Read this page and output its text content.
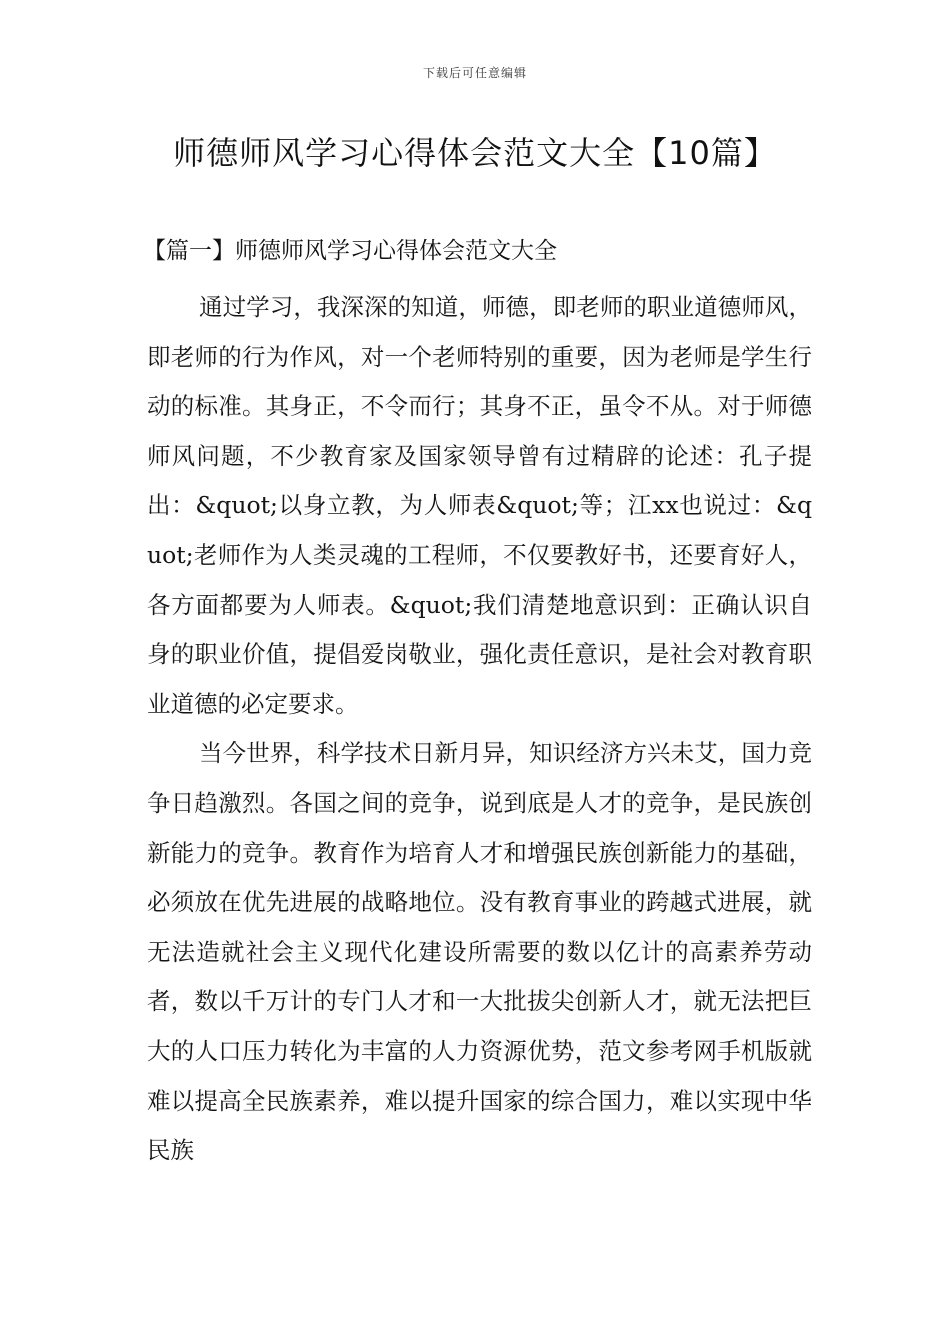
下载后可任意编辑
师德师风学习心得体会范文大全【10篇】
【篇一】师德师风学习心得体会范文大全

通过学习，我深深的知道，师德，即老师的职业道德师风，即老师的行为作风，对一个老师特别的重要，因为老师是学生行动的标准。其身正，不令而行；其身不正，虽令不从。对于师德师风问题，不少教育家及国家领导曾有过精辟的论述：孔子提出：&quot;以身立教，为人师表&quot;等；江xx也说过：&quot;老师作为人类灵魂的工程师，不仅要教好书，还要育好人，各方面都要为人师表。&quot;我们清楚地意识到：正确认识自身的职业价值，提倡爱岗敬业，强化责任意识，是社会对教育职业道德的必定要求。

当今世界，科学技术日新月异，知识经济方兴未艾，国力竞争日趋激烈。各国之间的竞争，说到底是人才的竞争，是民族创新能力的竞争。教育作为培育人才和增强民族创新能力的基础，必须放在优先进展的战略地位。没有教育事业的跨越式进展，就无法造就社会主义现代化建设所需要的数以亿计的高素养劳动者，数以千万计的专门人才和一大批拔尖创新人才，就无法把巨大的人口压力转化为丰富的人力资源优势，范文参考网手机版就难以提高全民族素养，难以提升国家的综合国力，难以实现中华民族
